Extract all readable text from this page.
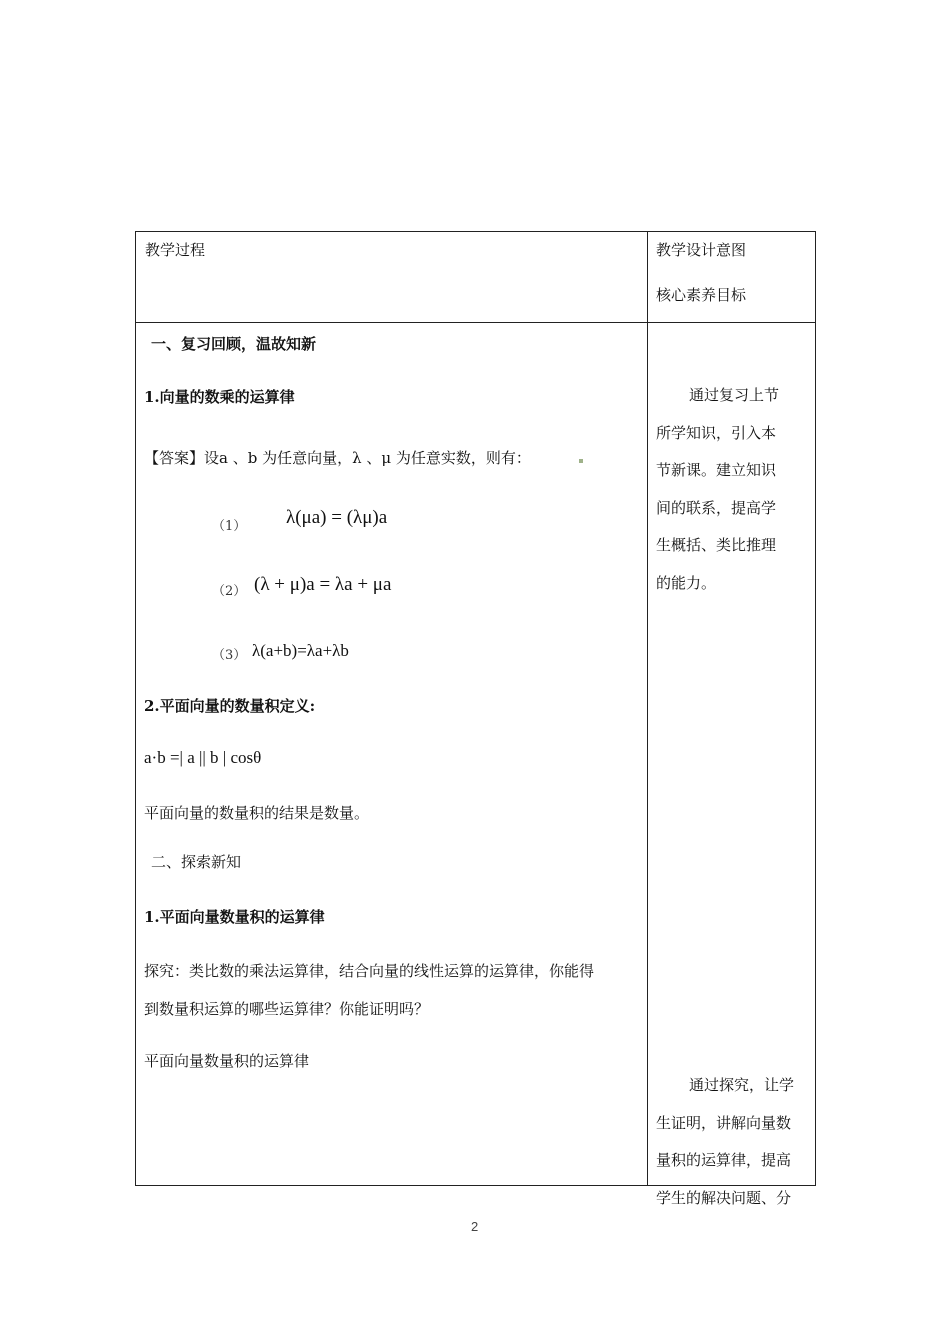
教学过程	教学设计意图
核心素养目标
一、复习回顾，温故知新
1.向量的数乘的运算律
【答案】设a 、b 为任意向量，λ 、μ 为任意实数，则有：
（1） λ(μa) = (λμ)a
（2） (λ + μ)a = λa + μa
（3） λ(a+b)=λa+λb
2.平面向量的数量积定义:
a·b =| a || b | cosθ
平面向量的数量积的结果是数量。
二、探索新知
1.平面向量数量积的运算律
探究：类比数的乘法运算律，结合向量的线性运算的运算律，你能得
到数量积运算的哪些运算律？你能证明吗？
平面向量数量积的运算律
通过复习上节
所学知识，引入本
节新课。建立知识
间的联系，提高学
生概括、类比推理
的能力。
通过探究，让学
生证明，讲解向量数
量积的运算律，提高
学生的解决问题、分
2
